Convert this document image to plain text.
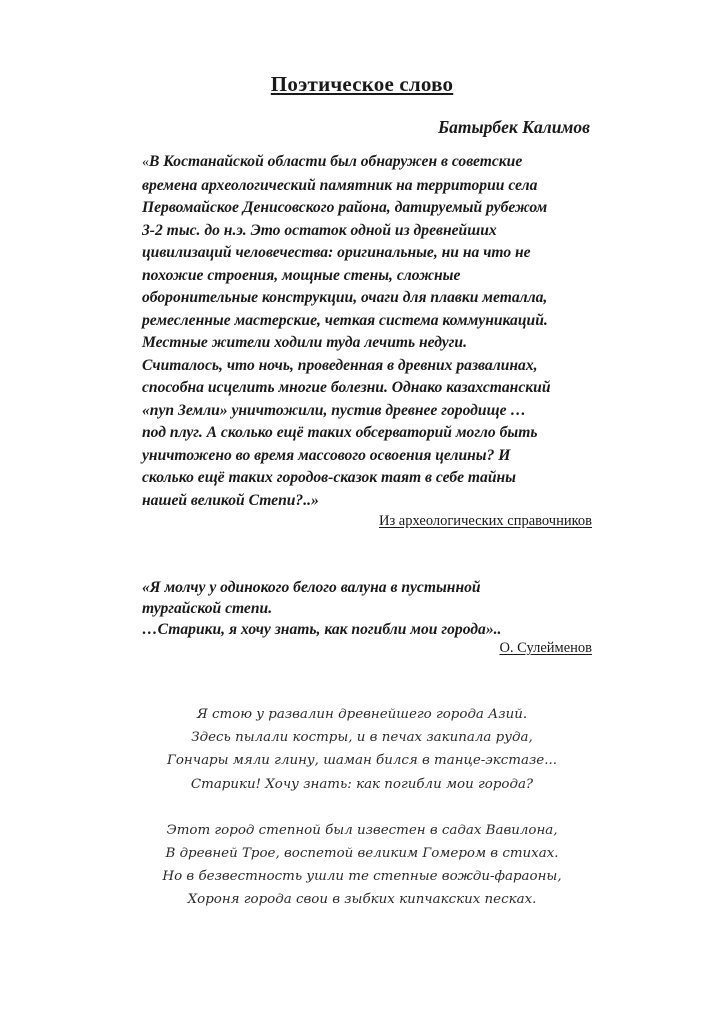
Поэтическое слово
Батырбек Калимов
«В Костанайской области был обнаружен в советские
времена археологический памятник на территории села
Первомайское Денисовского района, датируемый рубежом
3-2 тыс. до н.э. Это остаток одной из древнейших
цивилизаций человечества: оригинальные, ни на что не
похожие строения, мощные стены, сложные
оборонительные конструкции, очаги для плавки металла,
ремесленные мастерские, четкая система коммуникаций.
Местные жители ходили туда лечить недуги.
Считалось, что ночь, проведенная в древних развалинах,
способна исцелить многие болезни. Однако казахстанский
«пуп Земли» уничтожили, пустив древнее городище …
под плуг. А сколько ещё таких обсерваторий могло быть
уничтожено во время массового освоения целины? И
сколько ещё таких городов-сказок таят в себе тайны
нашей великой Степи?..»
Из археологических справочников
«Я молчу у одинокого белого валуна в пустынной
тургайской степи.
…Старики, я хочу знать, как погибли мои города»..
О. Сулейменов
Я стою у развалин древнейшего города Азий.
Здесь пылали костры, и в печах закипала руда,
Гончары мяли глину, шаман бился в танце-экстазе...
Старики! Хочу знать: как погибли мои города?
Этот город степной был известен в садах Вавилона,
В древней Трое, воспетой великим Гомером в стихах.
Но в безвестность ушли те степные вожди-фараоны,
Хороня города свои в зыбких кипчакских песках.
